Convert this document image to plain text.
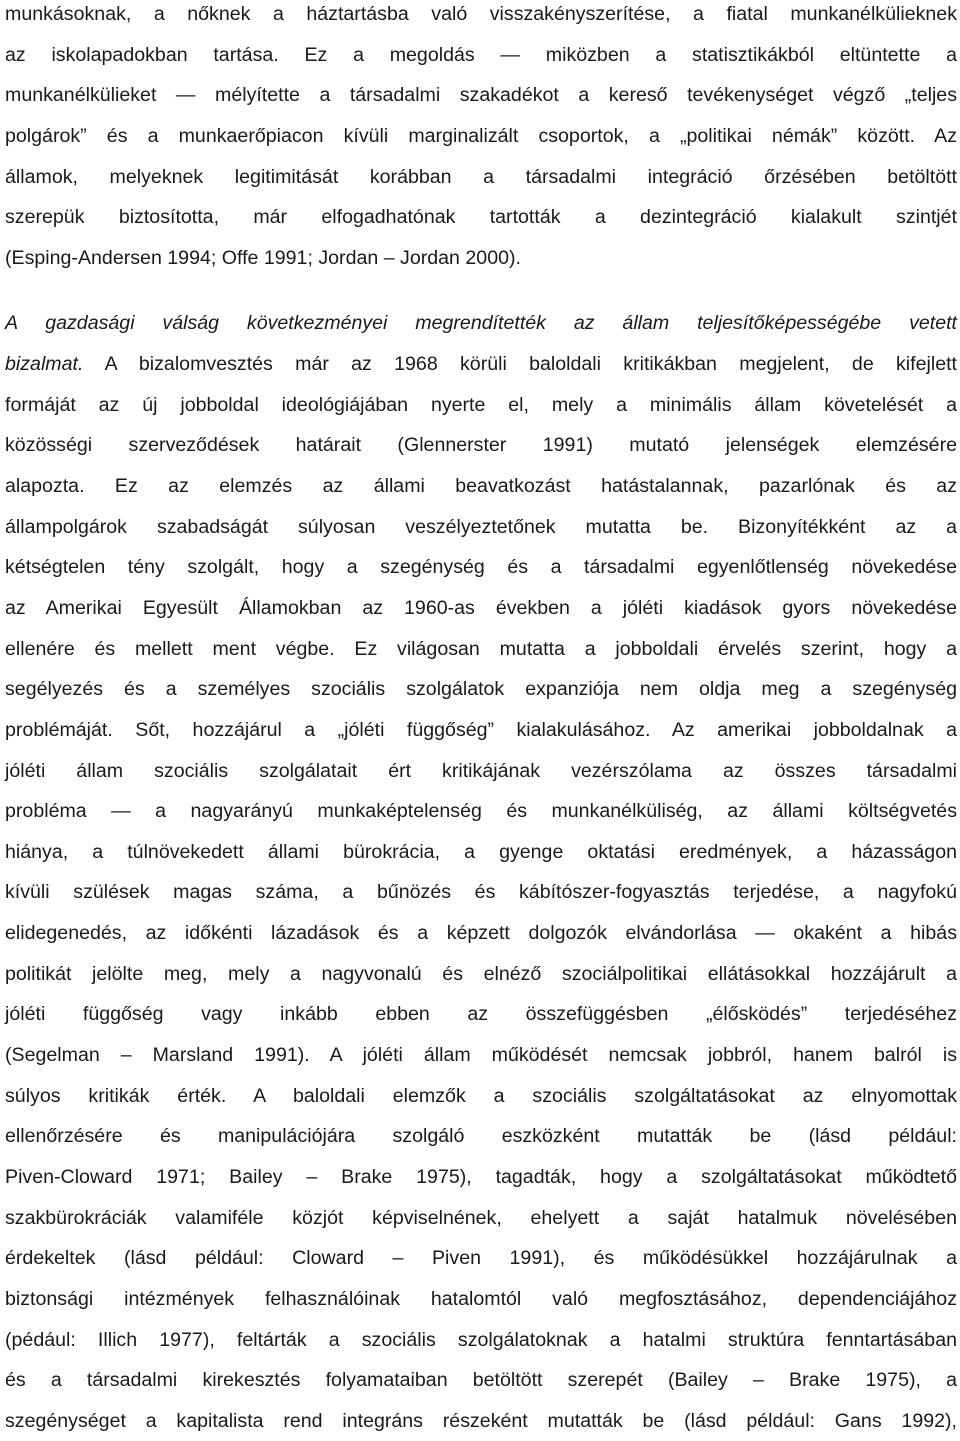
munkásoknak, a nőknek a háztartásba való visszakényszerítése, a fiatal munkanélkülieknek
az iskolapadokban tartása. Ez a megoldás — miközben a statisztikákból eltüntette a
munkanélkülieket — mélyítette a társadalmi szakadékot a kereső tevékenységet végző „teljes
polgárok” és a munkaerőpiacon kívüli marginalizált csoportok, a „politikai némák” között. Az
államok, melyeknek legitimitását korábban a társadalmi integráció őrzésében betöltött
szerepük biztosította, már elfogadhatónak tartották a dezintegráció kialakult szintjét
(Esping-Andersen 1994; Offe 1991; Jordan – Jordan 2000).
A gazdasági válság következményei megrendítették az állam teljesítőképességébe vetett
bizalmat. A bizalomvesztés már az 1968 körüli baloldali kritikákban megjelent, de kifejlett
formáját az új jobboldal ideológiájában nyerte el, mely a minimális állam követelését a
közösségi szerveződések határait (Glennerster 1991) mutató jelenségek elemzésére
alapozta. Ez az elemzés az állami beavatkozást hatástalannak, pazarlónak és az
állampolgárok szabadságát súlyosan veszélyeztetőnek mutatta be. Bizonyítékként az a
kétségtelen tény szolgált, hogy a szegénység és a társadalmi egyenlőtlenség növekedése
az Amerikai Egyesült Államokban az 1960-as években a jóléti kiadások gyors növekedése
ellenére és mellett ment végbe. Ez világosan mutatta a jobboldali érvelés szerint, hogy a
segélyezés és a személyes szociális szolgálatok expanziója nem oldja meg a szegénység
problémáját. Sőt, hozzájárul a „jóléti függőség” kialakulásához. Az amerikai jobboldalnak a
jóléti állam szociális szolgálatait ért kritikájának vezérszólama az összes társadalmi
probléma — a nagyarányú munkaképtelenség és munkanélküliség, az állami költségvetés
hiánya, a túlnövekedett állami bürokrácia, a gyenge oktatási eredmények, a házasságon
kívüli szülések magas száma, a bűnözés és kábítószer-fogyasztás terjedése, a nagyfokú
elidegenedés, az időkénti lázadások és a képzett dolgozók elvándorlása — okaként a hibás
politikát jelölte meg, mely a nagyvonalú és elnéző szociálpolitikai ellátásokkal hozzájárult a
jóléti függőség vagy inkább ebben az összefüggésben „élősködés” terjedéséhez
(Segelman – Marsland 1991). A jóléti állam működését nemcsak jobbról, hanem balról is
súlyos kritikák érték. A baloldali elemzők a szociális szolgáltatásokat az elnyomottak
ellenőrzésére és manipulációjára szolgáló eszközként mutatták be (lásd például:
Piven-Cloward 1971; Bailey – Brake 1975), tagadták, hogy a szolgáltatásokat működtető
szakbürokráciák valamiféle közjót képviselnének, ehelyett a saját hatalmuk növelésében
érdekeltek (lásd például: Cloward – Piven 1991), és működésükkel hozzájárulnak a
biztonsági intézmények felhasználóinak hatalomtól való megfosztásához, dependenciájához
(pédául: Illich 1977), feltárták a szociális szolgálatoknak a hatalmi struktúra fenntartásában
és a társadalmi kirekesztés folyamataiban betöltött szerepét (Bailey – Brake 1975), a
szegénységet a kapitalista rend integráns részeként mutatták be (lásd például: Gans 1992),
